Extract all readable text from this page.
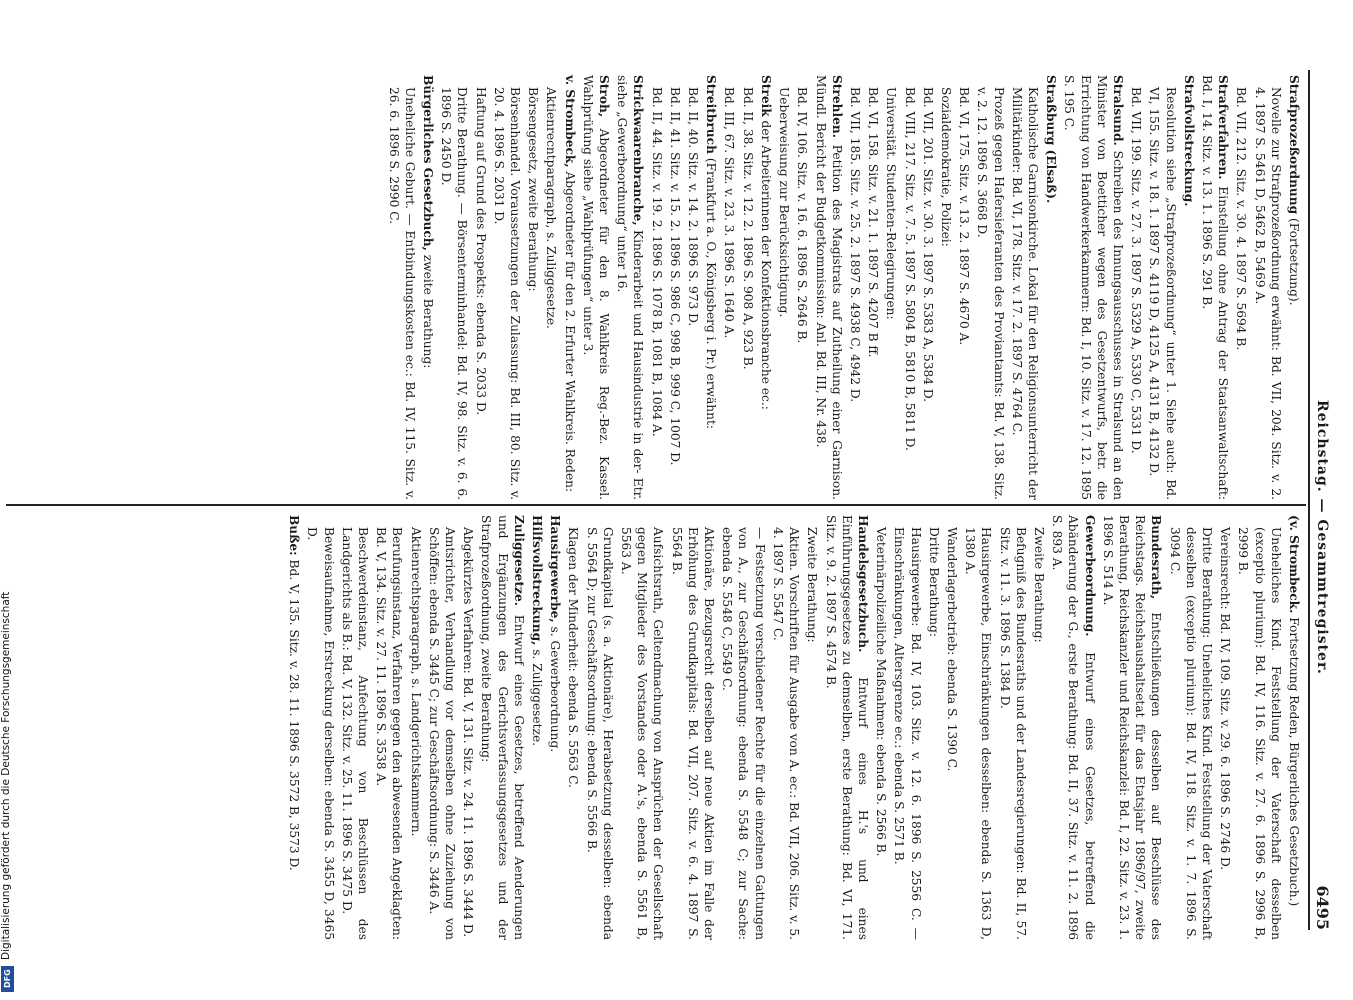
Reichstag. — Gesammtregister.
6495
Strafprozeßordnung (Fortsetzung).
Novelle zur Strafprozeßordnung erwähnt: Bd. VII, 204. Sitz. v. 2. 4. 1897 S. 5461 D, 5462 B, 5469 A.
Bd. VII, 212. Sitz. v. 30. 4. 1897 S. 5694 B.
Strafverfahren. Einstellung ohne Antrag der Staatsanwaltschaft: Bd. I, 14. Sitz. v. 13. 1. 1896 S. 291 B.
Strafvollstreckung.
Resolution siehe „Strafprozeßordnung“ unter 1. Siehe auch: Bd. VI, 155. Sitz. v. 18. 1. 1897 S. 4119 D, 4125 A, 4131 B, 4132 D.
Bd. VII, 199. Sitz. v. 27. 3. 1897 S. 5329 A, 5330 C, 5331 D.
Stralsund. Schreiben des Innungsausschusses in Stralsund an den Minister von Boetticher wegen des Gesetzentwurfs, betr. die Errichtung von Handwerkerkammern: Bd. I, 10. Sitz. v. 17. 12. 1895 S. 195 C.
Straßburg (Elsaß).
Katholische Garnisonkirche. Lokal für den Religionsunterricht der Militärkinder: Bd. VI, 178. Sitz. v. 17. 2. 1897 S. 4764 C.
Prozeß gegen Hafersieferanten des Proviantamts: Bd. V, 138. Sitz. v. 2. 12. 1896 S. 3668 D.
Bd. VI, 175. Sitz. v. 13. 2. 1897 S. 4670 A.
Sozialdemokratie, Polizei:
Bd. VII, 201. Sitz. v. 30. 3. 1897 S. 5383 A, 5384 D.
Bd. VIII, 217. Sitz. v. 7. 5. 1897 S. 5804 B, 5810 B, 5811 D.
Universität. Studenten-Relegirungen:
Bd. VI, 158. Sitz. v. 21. 1. 1897 S. 4207 B ff.
Bd. VII, 185. Sitz. v. 25. 2. 1897 S. 4938 C, 4942 D.
Strehlen. Petition des Magistrats auf Zutheilung einer Garnison. Mündl. Bericht der Budgetkommission: Anl. Bd. III, Nr. 438.
Bd. IV, 106. Sitz. v. 16. 6. 1896 S. 2646 B.
Ueberweisung zur Berücksichtigung.
Streik der Arbeiterinnen der Konfektionsbranche ec.:
Bd. II, 38. Sitz. v. 12. 2. 1896 S. 908 A, 923 B.
Bd. III, 67. Sitz. v. 23. 3. 1896 S. 1640 A.
Streitbruch (Frankfurt a. O., Königsberg i. Pr.) erwähnt:
Bd. II, 40. Sitz. v. 14. 2. 1896 S. 973 D.
Bd. II, 41. Sitz. v. 15. 2. 1896 S. 986 C, 998 B, 999 C, 1007 D.
Bd. II, 44. Sitz. v. 19. 2. 1896 S. 1078 B, 1081 B, 1084 A.
Strickwaarenbranche, Kinderarbeit und Hausindustrie in der- Etr. siehe „Gewerbeordnung“ unter 16.
Stroh, Abgeordneter für den 8. Wahlkreis Reg.-Bez. Kassel. Wahlprüfung siehe „Wahlprüfungen“ unter 3.
v. Strombeck, Abgeordneter für den 2. Erfurter Wahlkreis. Reden:
Aktienrecntparagraph, s. Zuliggesetze.
Börsengesetz, zweite Berathung:
Börsenhandel. Voraussetzungen der Zulassung: Bd. III, 80. Sitz. v. 20. 4. 1896 S. 2031 D.
Haftung auf Grund des Prospekts: ebenda S. 2033 D.
Dritte Berathung. — Börsenterminhandel: Bd. IV, 98. Sitz. v. 6. 6. 1896 S. 2450 D.
Bürgerliches Gesetzbuch, zweite Berathung:
Uneheliche Geburt. — Entbindungskosten ec.: Bd. IV, 115. Sitz. v. 26. 6. 1896 S. 2990 C.
(v. Strombeck. Fortsetzung Reden, Bürgerliches Gesetzbuch.)
Uneheliches Kind. Feststellung der Vaterschaft desselben (exceptio plurium): Bd. IV, 116. Sitz. v. 27. 6. 1896 S. 2996 B, 2999 B.
Vereinsrecht: Bd. IV, 109. Sitz. v. 29. 6. 1896 S. 2746 D.
Dritte Berathung: Uneheliches Kind. Feststellung der Vaterschaft desselben (exceptio plurium): Bd. IV, 118. Sitz. v. 1. 7. 1896 S. 3094 C.
Bundesrath, Entschließungen desselben auf Beschlüsse des Reichstags. Reichshaushaltsetat für das Etatsjahr 1896/97, zweite Berathung, Reichskanzler und Reichskanzlei: Bd. I, 22. Sitz. v. 23. 1. 1896 S. 514 A.
Gewerbeordnung. Entwurf eines Gesetzes, betreffend die Abänderung der G., erste Berathung: Bd. II, 37. Sitz. v. 11. 2. 1896 S. 893 A.
Zweite Berathung:
Befugniß des Bundesraths und der Landesregierungen: Bd. II, 57. Sitz. v. 11. 3. 1896 S. 1384 D.
Hausirgewerbe, Einschränkungen desselben: ebenda S. 1363 D, 1380 A.
Wanderlagerbetrieb: ebenda S. 1390 C.
Dritte Berathung:
Hausirgewerbe: Bd. IV, 103. Sitz. v. 12. 6. 1896 S. 2556 C. — Einschränkungen, Altersgrenze ec.: ebenda S. 2571 B.
Veterinärpolizeiliche Maßnahmen: ebenda S. 2566 B.
Handelsgesetzbuch. Entwurf eines H.'s und eines Einführungsgesetzes zu demselben, erste Berathung: Bd. VI, 171. Sitz. v. 9. 2. 1897 S. 4574 B.
Zweite Berathung:
Aktien. Vorschriften für Ausgabe von A. ec.: Bd. VII, 206. Sitz. v. 5. 4. 1897 S. 5547 C.
— Festsetzung verschiedener Rechte für die einzelnen Gattungen von A., zur Geschäftsordnung: ebenda S. 5548 C; zur Sache: ebenda S. 5548 C, 5549 C.
Aktionäre, Bezugsrecht derselben auf neue Aktien im Falle der Erhöhung des Grundkapitals: Bd. VII, 207. Sitz. v. 6. 4. 1897 S. 5564 B.
Aufsichtsrath, Geltendmachung von Ansprüchen der Gesellschaft gegen Mitglieder des Vorstandes oder A.'s, ebenda S. 5561 B, 5563 A.
Grundkapital (s. a. Aktionäre), Herabsetzung desselben: ebenda S. 5564 D; zur Geschäftsordnung: ebenda S. 5566 B.
Klagen der Minderheit: ebenda S. 5563 C.
Hausirgewerbe, s. Gewerbeordnung.
Hilfsvollstreckung, s. Zuliggesetze.
Zuliggesetze. Entwurf eines Gesetzes, betreffend Aenderungen und Ergänzungen des Gerichtsverfassungsgesetzes und der Strafprozeßordnung, zweite Berathung:
Abgekürztes Verfahren: Bd. V, 131. Sitz. v. 24. 11. 1896 S. 3444 D.
Amtsrichter, Verhandlung vor demselben ohne Zuziehung von Schöffen: ebenda S. 3445 C; zur Geschäftsordnung: S. 3446 A.
Aktienrechtsparagraph, s. Landgerichtskammern.
Berufungsinstanz, Verfahren gegen den abwesenden Angeklagten: Bd. V, 134. Sitz. v. 27. 11. 1896 S. 3538 A.
Beschwerdeinstanz, Anfechtung von Beschlüssen des Landgerichts als B.: Bd. V, 132. Sitz. v. 25. 11. 1896 S. 3475 D.
Beweisaufnahme, Erstreckung derselben: ebenda S. 3455 D, 3465 D.
Buße: Bd. V, 135. Sitz. v. 28. 11. 1896 S. 3572 B, 3573 D.
Digitalisierung gefördert durch die Deutsche Forschungsgemeinschaft
DFG
